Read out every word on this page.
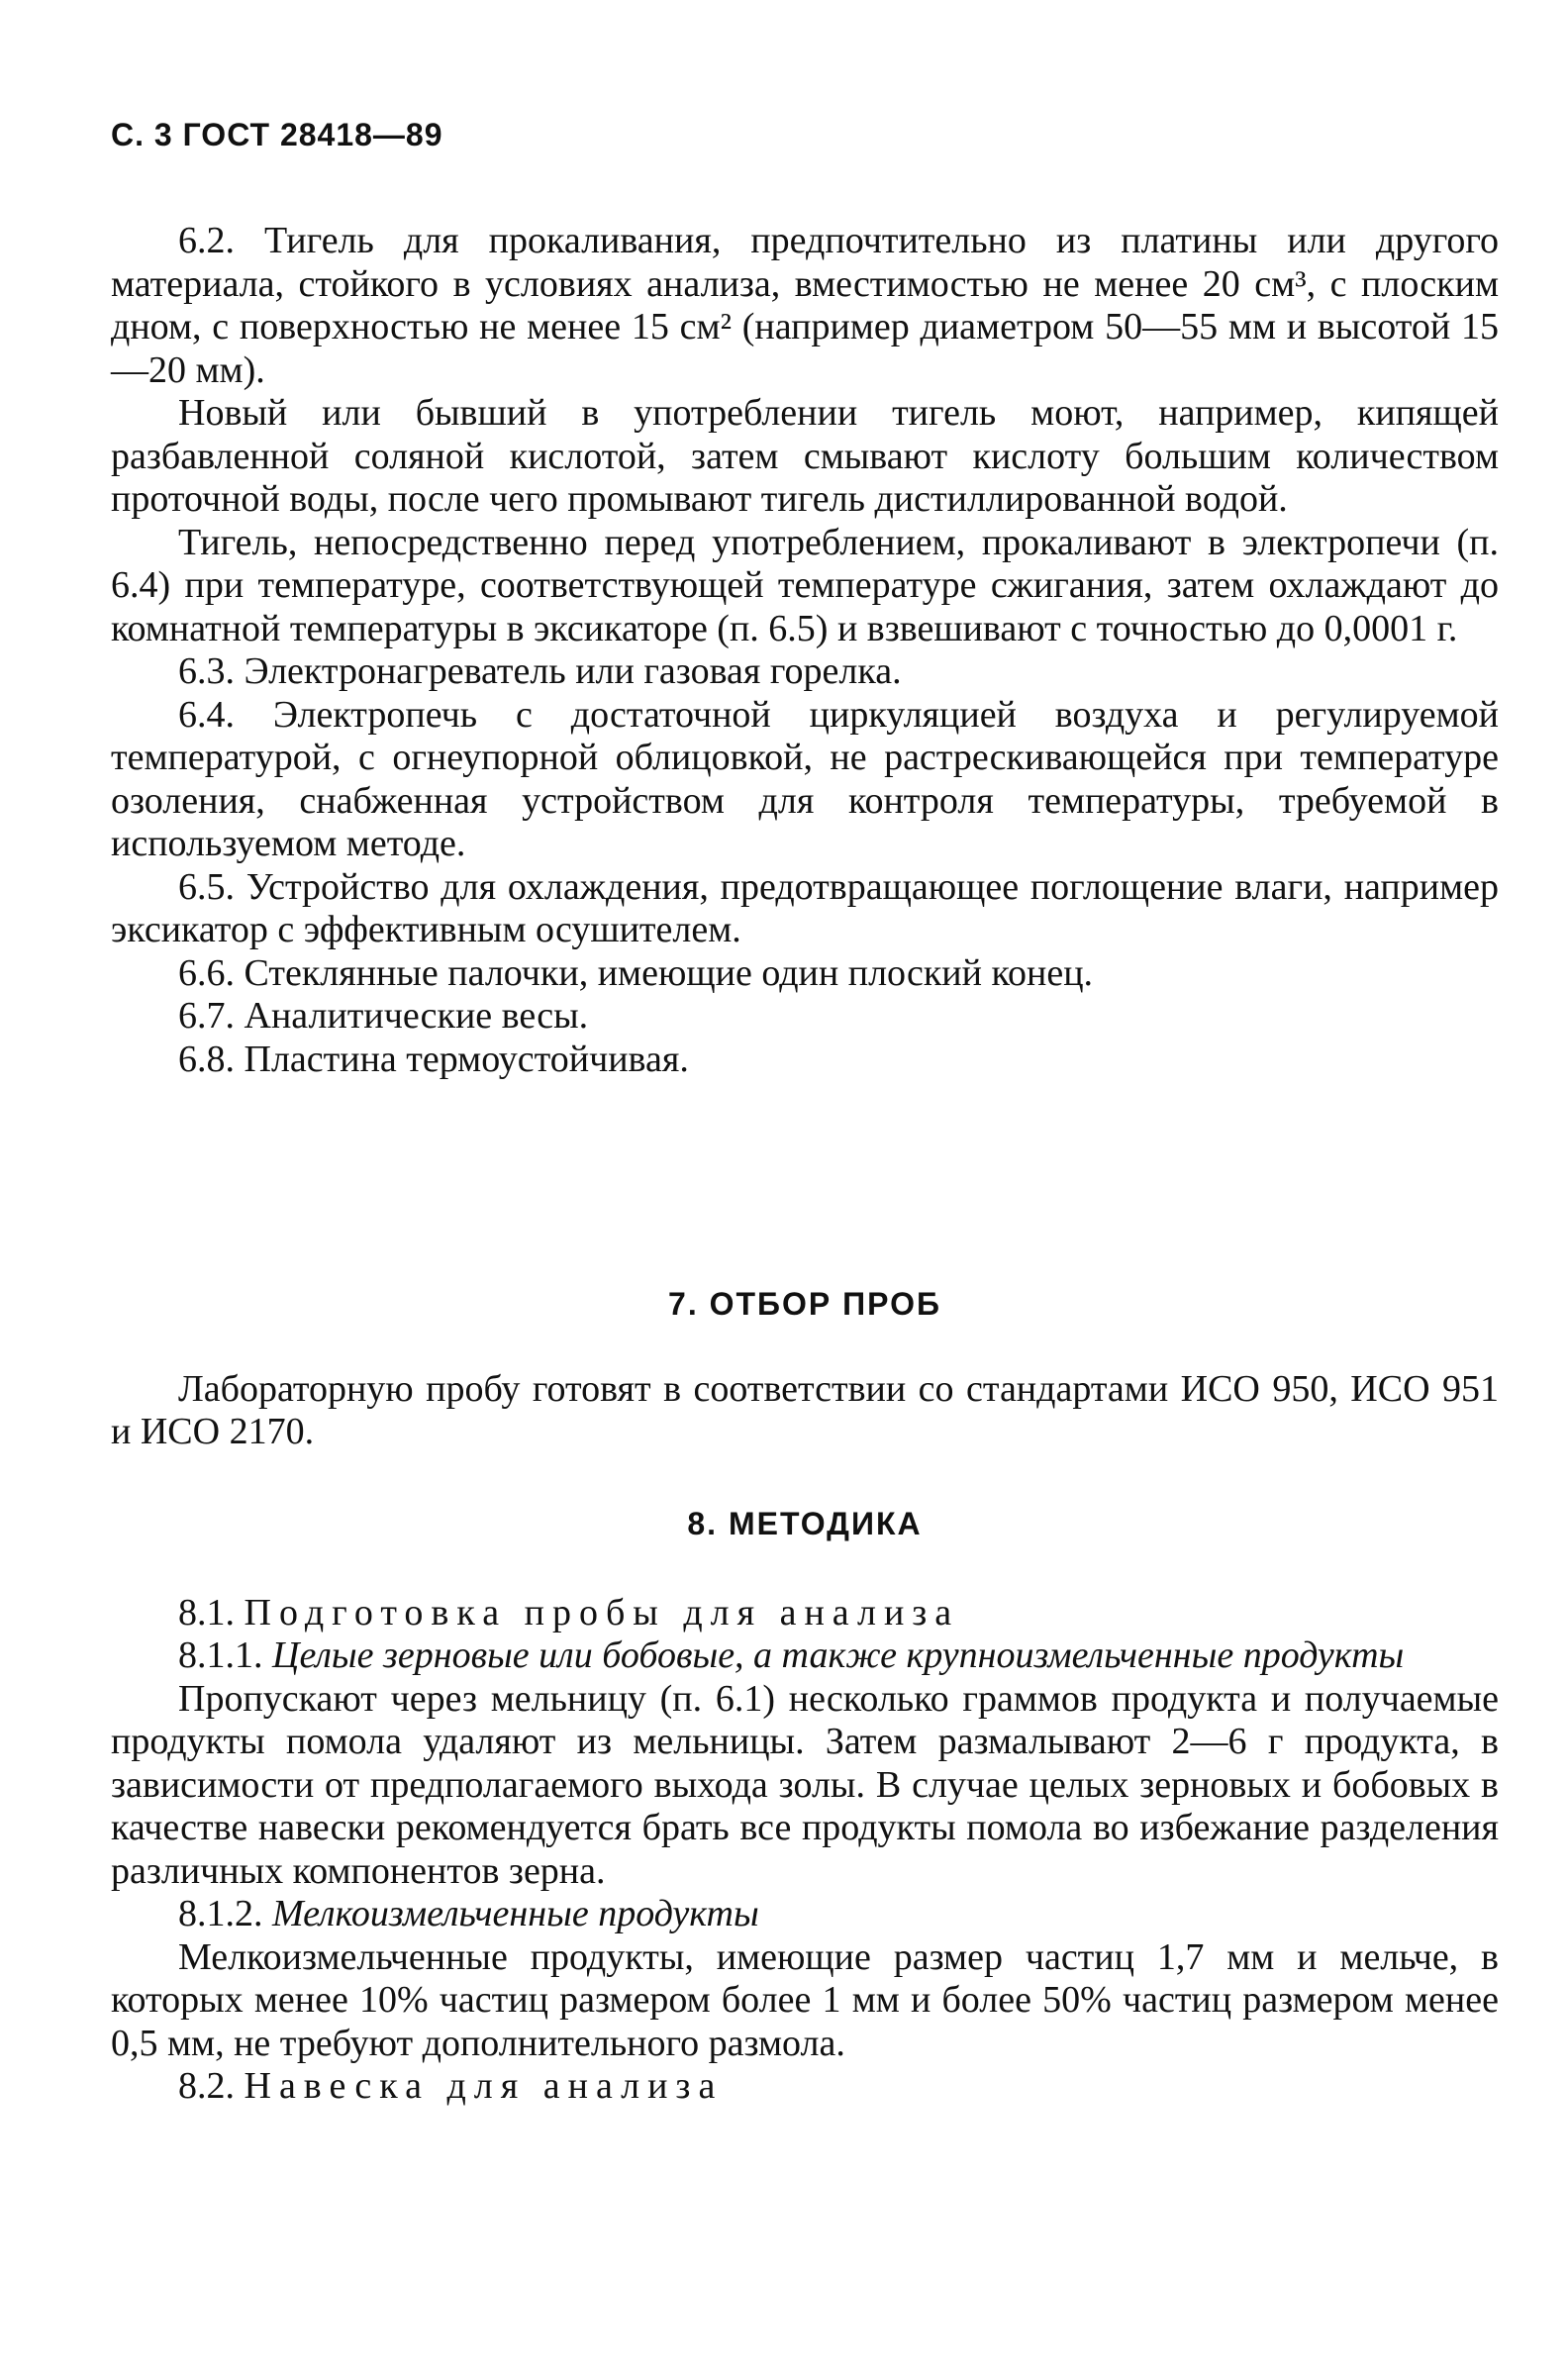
С. 3 ГОСТ 28418—89

6.2. Тигель для прокаливания, предпочтительно из платины или другого материала, стойкого в условиях анализа, вместимостью не менее 20 см³, с плоским дном, с поверхностью не менее 15 см² (например диаметром 50—55 мм и высотой 15—20 мм).

Новый или бывший в употреблении тигель моют, например, кипящей разбавленной соляной кислотой, затем смывают кислоту большим количеством проточной воды, после чего промывают тигель дистиллированной водой.

Тигель, непосредственно перед употреблением, прокаливают в электропечи (п. 6.4) при температуре, соответствующей температуре сжигания, затем охлаждают до комнатной температуры в эксикаторе (п. 6.5) и взвешивают с точностью до 0,0001 г.

6.3. Электронагреватель или газовая горелка.

6.4. Электропечь с достаточной циркуляцией воздуха и регулируемой температурой, с огнеупорной облицовкой, не растрескивающейся при температуре озоления, снабженная устройством для контроля температуры, требуемой в используемом методе.

6.5. Устройство для охлаждения, предотвращающее поглощение влаги, например эксикатор с эффективным осушителем.

6.6. Стеклянные палочки, имеющие один плоский конец.

6.7. Аналитические весы.

6.8. Пластина термоустойчивая.

7. ОТБОР ПРОБ

Лабораторную пробу готовят в соответствии со стандартами ИСО 950, ИСО 951 и ИСО 2170.

8. МЕТОДИКА

8.1. Подготовка пробы для анализа

8.1.1. Целые зерновые или бобовые, а также крупноизмельченные продукты

Пропускают через мельницу (п. 6.1) несколько граммов продукта и получаемые продукты помола удаляют из мельницы. Затем размалывают 2—6 г продукта, в зависимости от предполагаемого выхода золы. В случае целых зерновых и бобовых в качестве навески рекомендуется брать все продукты помола во избежание разделения различных компонентов зерна.

8.1.2. Мелкоизмельченные продукты

Мелкоизмельченные продукты, имеющие размер частиц 1,7 мм и мельче, в которых менее 10% частиц размером более 1 мм и более 50% частиц размером менее 0,5 мм, не требуют дополнительного размола.

8.2. Навеска для анализа
